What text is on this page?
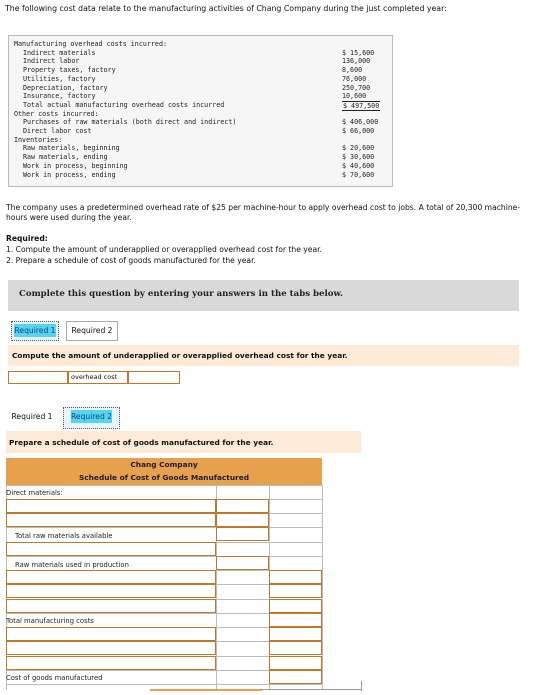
The following cost data relate to the manufacturing activities of Chang Company during the just completed year:
Manufacturing overhead costs incurred:
Indirect materials	$ 15,600
Indirect labor	136,000
Property taxes, factory	8,600
Utilities, factory	76,000
Depreciation, factory	250,700
Insurance, factory	10,600
Total actual manufacturing overhead costs incurred	$ 497,500
Other costs incurred:
Purchases of raw materials (both direct and indirect)	$ 406,000
Direct labor cost	$ 66,000
Inventories:
Raw materials, beginning	$ 20,600
Raw materials, ending	$ 30,600
Work in process, beginning	$ 40,600
Work in process, ending	$ 70,600
The company uses a predetermined overhead rate of $25 per machine-hour to apply overhead cost to jobs. A total of 20,300 machine-hours were used during the year.
Required:
1. Compute the amount of underapplied or overapplied overhead cost for the year.
2. Prepare a schedule of cost of goods manufactured for the year.
Complete this question by entering your answers in the tabs below.
Required 1	Required 2
Compute the amount of underapplied or overapplied overhead cost for the year.
overhead cost
Required 1	Required 2
Prepare a schedule of cost of goods manufactured for the year.
Chang Company
Schedule of Cost of Goods Manufactured
Direct materials:
Total raw materials available
Raw materials used in production
Total manufacturing costs
Cost of goods manufactured
